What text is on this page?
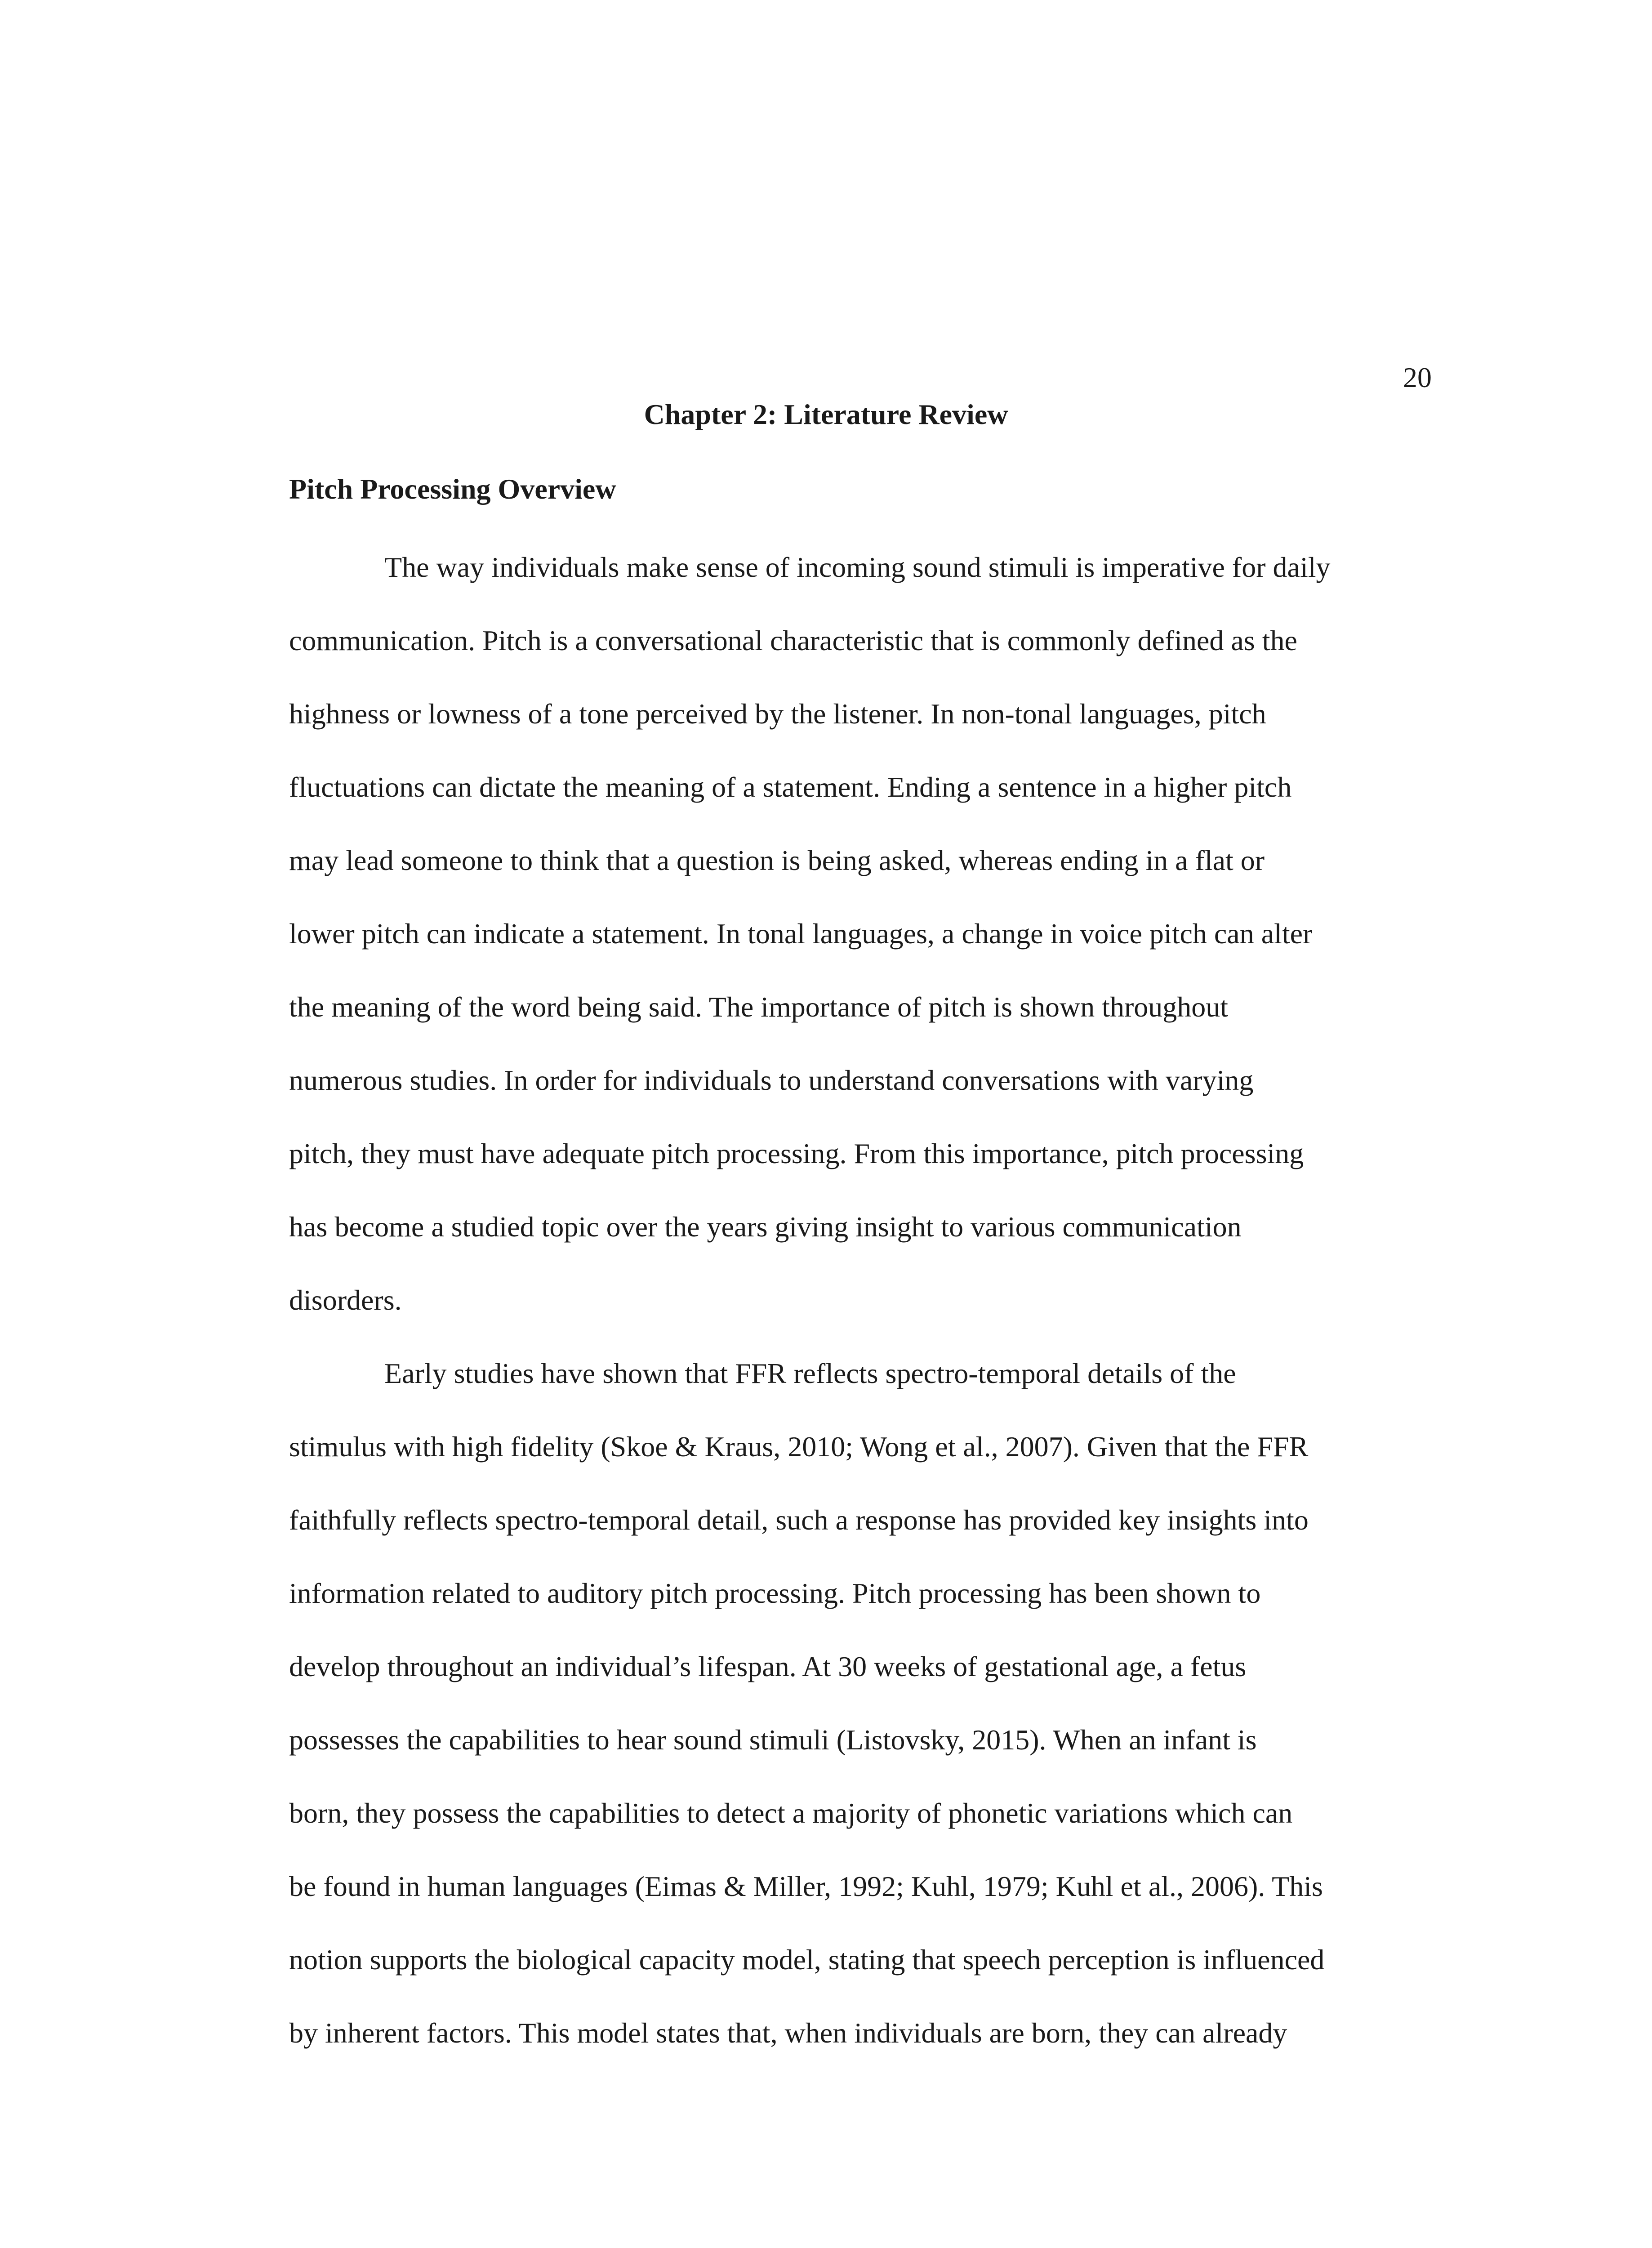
20
Chapter 2: Literature Review
Pitch Processing Overview
The way individuals make sense of incoming sound stimuli is imperative for daily
communication. Pitch is a conversational characteristic that is commonly defined as the
highness or lowness of a tone perceived by the listener. In non-tonal languages, pitch
fluctuations can dictate the meaning of a statement. Ending a sentence in a higher pitch
may lead someone to think that a question is being asked, whereas ending in a flat or
lower pitch can indicate a statement. In tonal languages, a change in voice pitch can alter
the meaning of the word being said. The importance of pitch is shown throughout
numerous studies. In order for individuals to understand conversations with varying
pitch, they must have adequate pitch processing. From this importance, pitch processing
has become a studied topic over the years giving insight to various communication
disorders.
Early studies have shown that FFR reflects spectro-temporal details of the
stimulus with high fidelity (Skoe & Kraus, 2010; Wong et al., 2007). Given that the FFR
faithfully reflects spectro-temporal detail, such a response has provided key insights into
information related to auditory pitch processing. Pitch processing has been shown to
develop throughout an individual’s lifespan. At 30 weeks of gestational age, a fetus
possesses the capabilities to hear sound stimuli (Listovsky, 2015). When an infant is
born, they possess the capabilities to detect a majority of phonetic variations which can
be found in human languages (Eimas & Miller, 1992; Kuhl, 1979; Kuhl et al., 2006). This
notion supports the biological capacity model, stating that speech perception is influenced
by inherent factors. This model states that, when individuals are born, they can already
